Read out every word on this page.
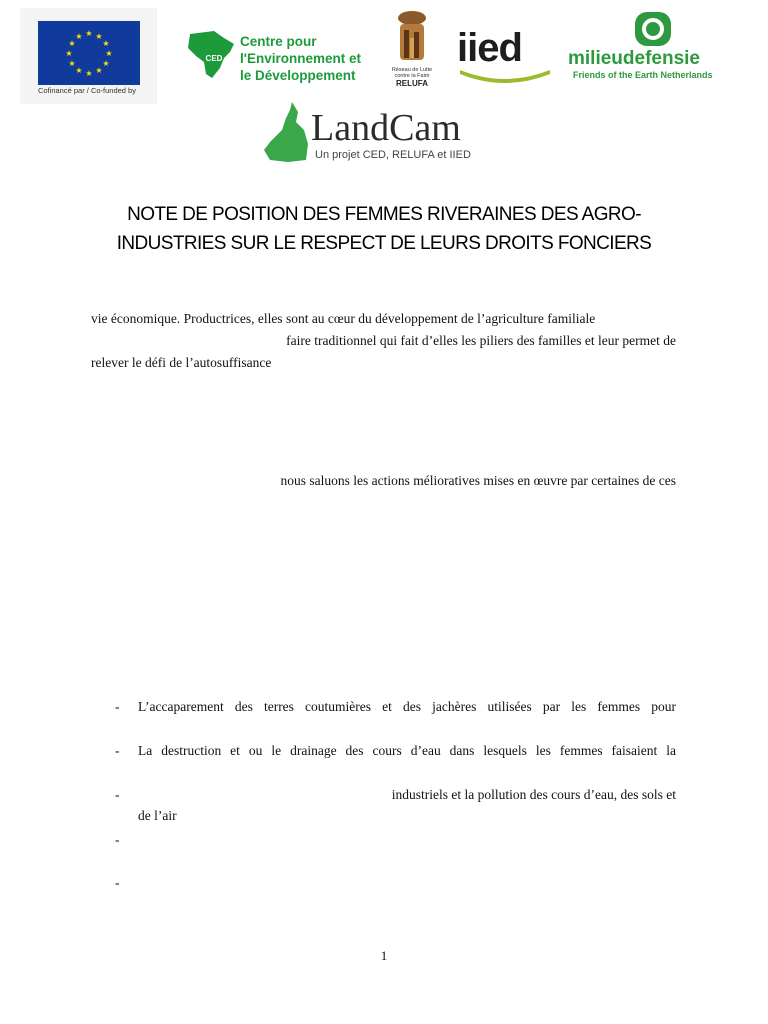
★ ★
★
★
★
★
★
★
★
★
★
★
Cofinancé par / Co-funded by
CED
Centre pour
l'Environnement et
le Développement	Réseau de Lutte contre la Faim
RELUFA
iied milieudefensie
Friends of the Earth Netherlands
LandCam
Un projet CED, RELUFA et IIED
NOTE DE POSITION DES FEMMES RIVERAINES DES AGRO-
INDUSTRIES SUR LE RESPECT DE LEURS DROITS FONCIERS
vie économique. Productrices, elles sont au cœur du développement de l’agriculture familiale
faire traditionnel qui fait d’elles les piliers des familles et leur permet de
relever le défi de l’autosuffisance
nous saluons les actions mélioratives mises en œuvre par certaines de ces
- L’accaparement des terres coutumières et des jachères utilisées par les femmes pour
- La destruction et ou le drainage des cours d’eau dans lesquels les femmes faisaient la
-	industriels et la pollution des cours d’eau, des sols et
de l’air
-
-
1
